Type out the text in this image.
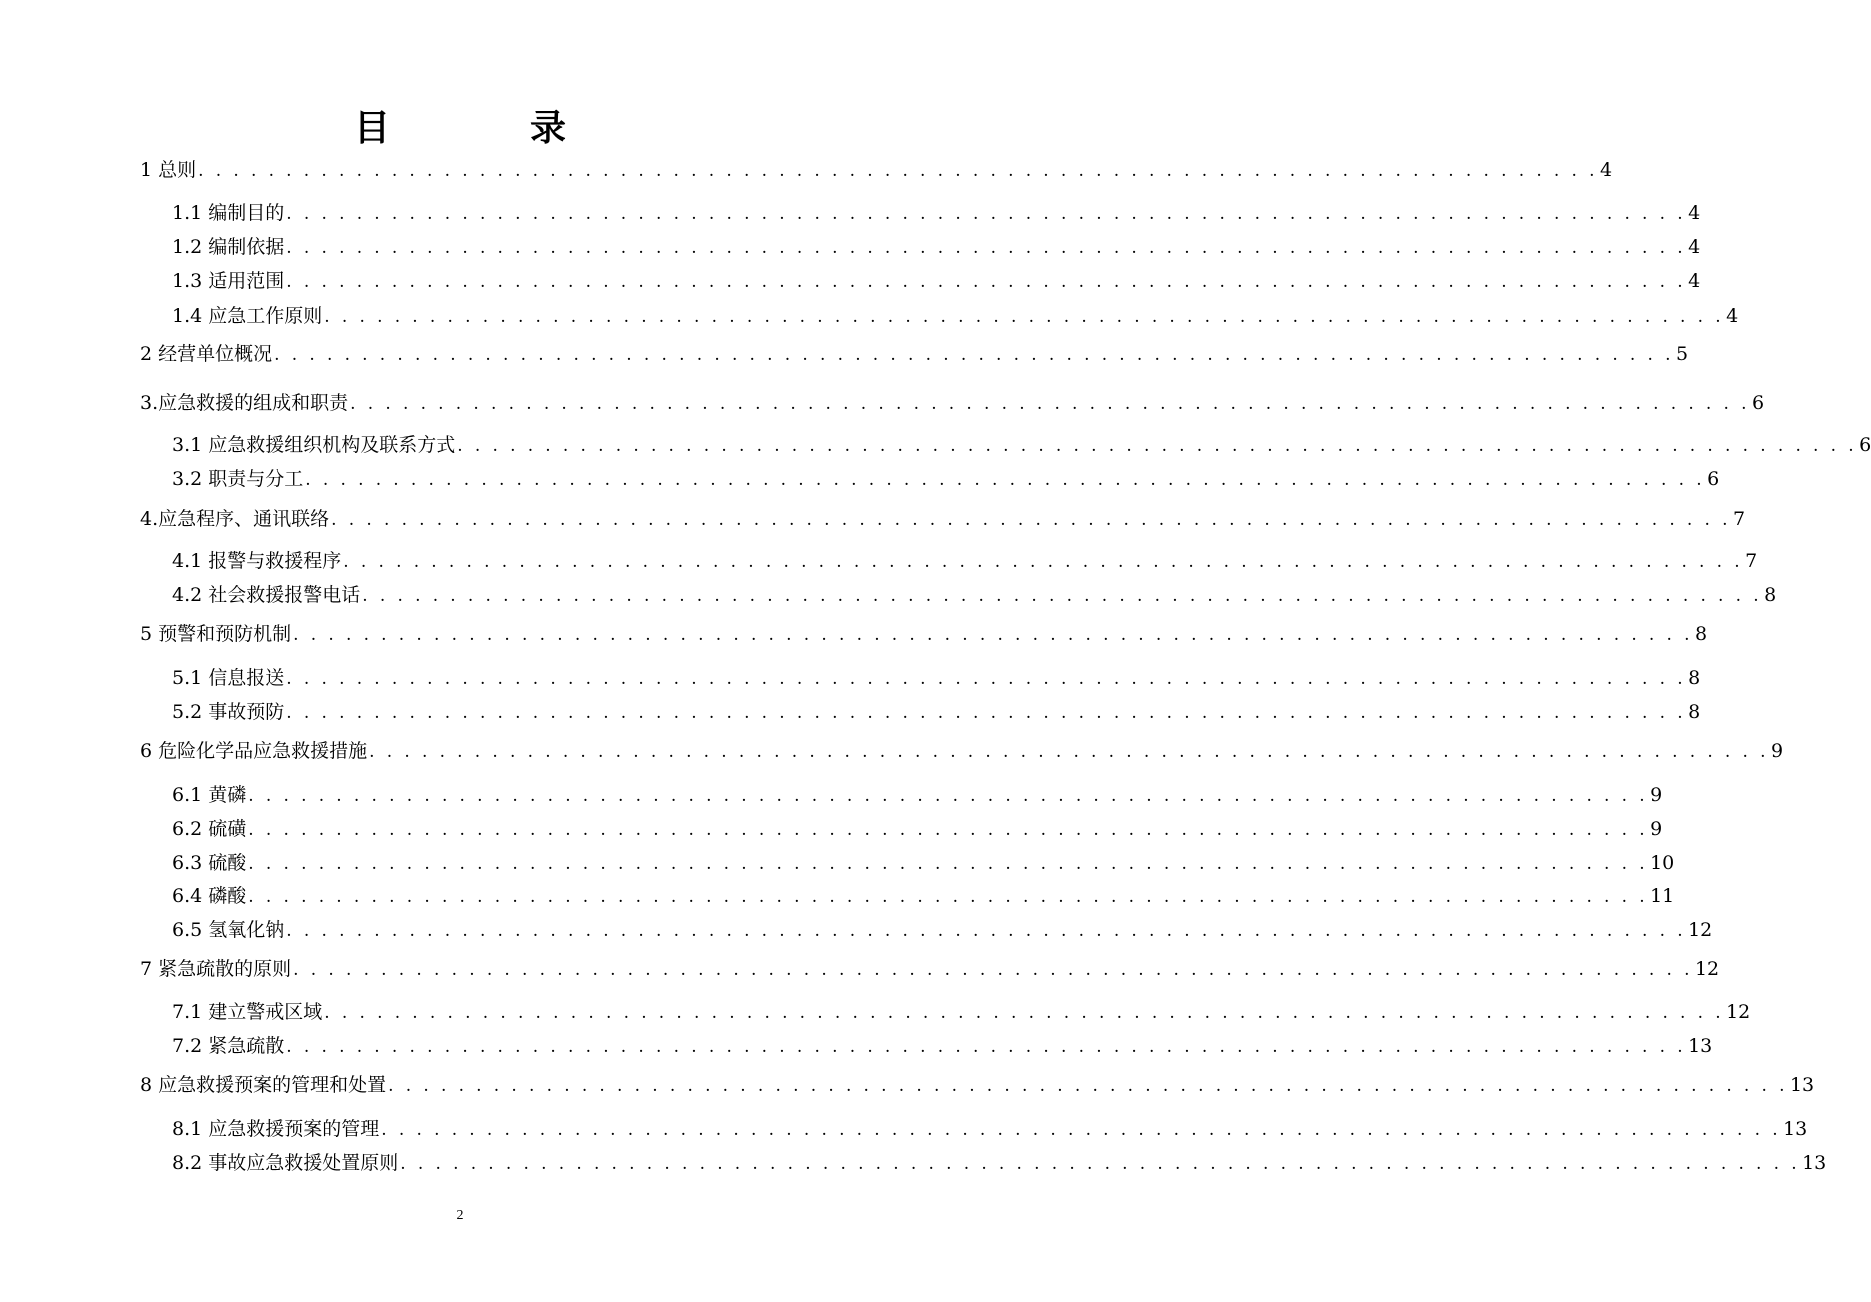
目　录
1 总则 . . . . . . . . . . . . . . . . . . . . . . . . . . . . . . . . . . . . . . . . . . . . . . . . . . . . . . . . . . . . . . . . . . . . . . . . . . . . . . . . 4
1.1 编制目的 . . . . . . . . . . . . . . . . . . . . . . . . . . . . . . . . . . . . . . . . . . . . . . . . . . . . . . . . . . . . . . . . . . . . . . . . . . . . . . . . 4
1.2 编制依据 . . . . . . . . . . . . . . . . . . . . . . . . . . . . . . . . . . . . . . . . . . . . . . . . . . . . . . . . . . . . . . . . . . . . . . . . . . . . . . . . 4
1.3 适用范围 . . . . . . . . . . . . . . . . . . . . . . . . . . . . . . . . . . . . . . . . . . . . . . . . . . . . . . . . . . . . . . . . . . . . . . . . . . . . . . . . 4
1.4 应急工作原则 . . . . . . . . . . . . . . . . . . . . . . . . . . . . . . . . . . . . . . . . . . . . . . . . . . . . . . . . . . . . . . . . . . . . . . . . . . . . . . . . 4
2 经营单位概况 . . . . . . . . . . . . . . . . . . . . . . . . . . . . . . . . . . . . . . . . . . . . . . . . . . . . . . . . . . . . . . . . . . . . . . . . . . . . . . . . 5
3.应急救援的组成和职责 . . . . . . . . . . . . . . . . . . . . . . . . . . . . . . . . . . . . . . . . . . . . . . . . . . . . . . . . . . . . . . . . . . . . . . . . . . . . . . . . 6
3.1 应急救援组织机构及联系方式 . . . . . . . . . . . . . . . . . . . . . . . . . . . . . . . . . . . . . . . . . . . . . . . . . . . . . . . . . . . . . . . . . . . . . . . . . . . . . . . . 6
3.2 职责与分工 . . . . . . . . . . . . . . . . . . . . . . . . . . . . . . . . . . . . . . . . . . . . . . . . . . . . . . . . . . . . . . . . . . . . . . . . . . . . . . . . 6
4.应急程序、通讯联络 . . . . . . . . . . . . . . . . . . . . . . . . . . . . . . . . . . . . . . . . . . . . . . . . . . . . . . . . . . . . . . . . . . . . . . . . . . . . . . . . 7
4.1 报警与救援程序 . . . . . . . . . . . . . . . . . . . . . . . . . . . . . . . . . . . . . . . . . . . . . . . . . . . . . . . . . . . . . . . . . . . . . . . . . . . . . . . . 7
4.2 社会救援报警电话 . . . . . . . . . . . . . . . . . . . . . . . . . . . . . . . . . . . . . . . . . . . . . . . . . . . . . . . . . . . . . . . . . . . . . . . . . . . . . . . . 8
5 预警和预防机制 . . . . . . . . . . . . . . . . . . . . . . . . . . . . . . . . . . . . . . . . . . . . . . . . . . . . . . . . . . . . . . . . . . . . . . . . . . . . . . . . 8
5.1 信息报送 . . . . . . . . . . . . . . . . . . . . . . . . . . . . . . . . . . . . . . . . . . . . . . . . . . . . . . . . . . . . . . . . . . . . . . . . . . . . . . . . 8
5.2 事故预防 . . . . . . . . . . . . . . . . . . . . . . . . . . . . . . . . . . . . . . . . . . . . . . . . . . . . . . . . . . . . . . . . . . . . . . . . . . . . . . . . 8
6 危险化学品应急救援措施 . . . . . . . . . . . . . . . . . . . . . . . . . . . . . . . . . . . . . . . . . . . . . . . . . . . . . . . . . . . . . . . . . . . . . . . . . . . . . . . . 9
6.1 黄磷 . . . . . . . . . . . . . . . . . . . . . . . . . . . . . . . . . . . . . . . . . . . . . . . . . . . . . . . . . . . . . . . . . . . . . . . . . . . . . . . . 9
6.2 硫磺 . . . . . . . . . . . . . . . . . . . . . . . . . . . . . . . . . . . . . . . . . . . . . . . . . . . . . . . . . . . . . . . . . . . . . . . . . . . . . . . . 9
6.3 硫酸 . . . . . . . . . . . . . . . . . . . . . . . . . . . . . . . . . . . . . . . . . . . . . . . . . . . . . . . . . . . . . . . . . . . . . . . . . . . . . . . . 10
6.4 磷酸 . . . . . . . . . . . . . . . . . . . . . . . . . . . . . . . . . . . . . . . . . . . . . . . . . . . . . . . . . . . . . . . . . . . . . . . . . . . . . . . . 11
6.5 氢氧化钠 . . . . . . . . . . . . . . . . . . . . . . . . . . . . . . . . . . . . . . . . . . . . . . . . . . . . . . . . . . . . . . . . . . . . . . . . . . . . . . . . 12
7 紧急疏散的原则 . . . . . . . . . . . . . . . . . . . . . . . . . . . . . . . . . . . . . . . . . . . . . . . . . . . . . . . . . . . . . . . . . . . . . . . . . . . . . . . . 12
7.1 建立警戒区域 . . . . . . . . . . . . . . . . . . . . . . . . . . . . . . . . . . . . . . . . . . . . . . . . . . . . . . . . . . . . . . . . . . . . . . . . . . . . . . . . 12
7.2 紧急疏散 . . . . . . . . . . . . . . . . . . . . . . . . . . . . . . . . . . . . . . . . . . . . . . . . . . . . . . . . . . . . . . . . . . . . . . . . . . . . . . . . 13
8 应急救援预案的管理和处置 . . . . . . . . . . . . . . . . . . . . . . . . . . . . . . . . . . . . . . . . . . . . . . . . . . . . . . . . . . . . . . . . . . . . . . . . . . . . . . . . 13
8.1 应急救援预案的管理 . . . . . . . . . . . . . . . . . . . . . . . . . . . . . . . . . . . . . . . . . . . . . . . . . . . . . . . . . . . . . . . . . . . . . . . . . . . . . . . . 13
8.2 事故应急救援处置原则 . . . . . . . . . . . . . . . . . . . . . . . . . . . . . . . . . . . . . . . . . . . . . . . . . . . . . . . . . . . . . . . . . . . . . . . . . . . . . . . . 13
2
